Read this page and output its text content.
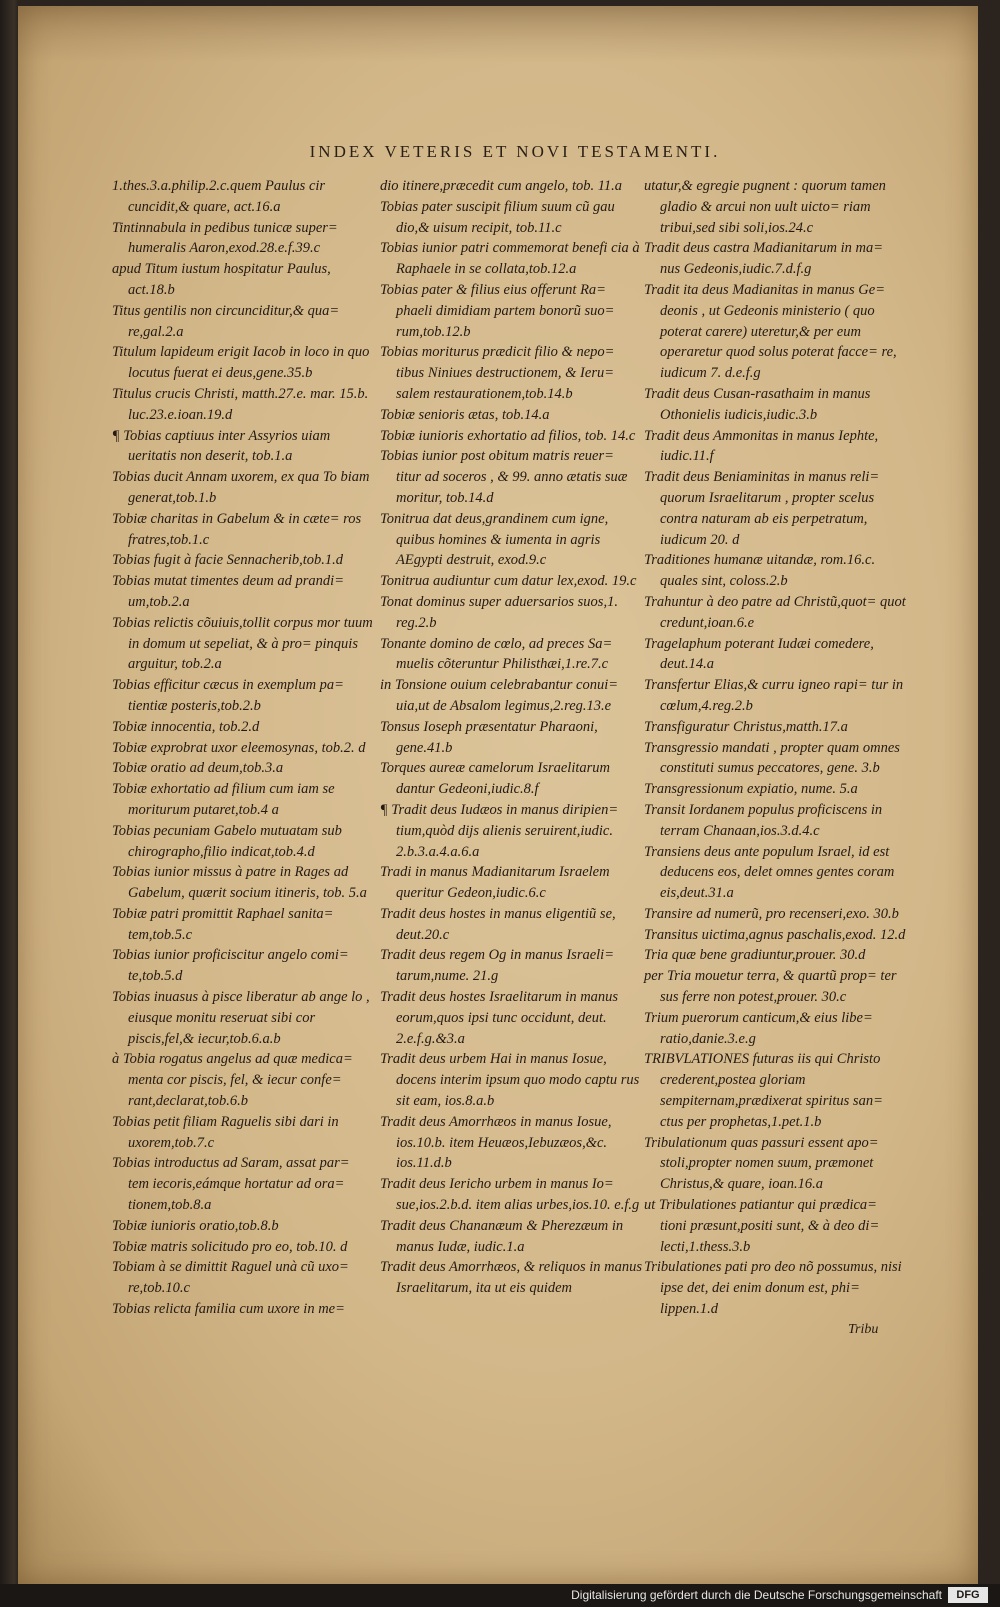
INDEX VETERIS ET NOVI TESTAMENTI.

1.thes.3.a.philip.2.c.quem Paulus cir cuncidit,& quare, act.16.a

Tintinnabula in pedibus tunicæ super= humeralis Aaron,exod.28.e.f.39.c

apud Titum iustum hospitatur Paulus, act.18.b

Titus gentilis non circunciditur,& qua= re,gal.2.a

Titulum lapideum erigit Iacob in loco in quo locutus fuerat ei deus,gene.35.b

Titulus crucis Christi, matth.27.e. mar. 15.b. luc.23.e.ioan.19.d

¶ Tobias captiuus inter Assyrios uiam ueritatis non deserit, tob.1.a

Tobias ducit Annam uxorem, ex qua To biam generat,tob.1.b

Tobiæ charitas in Gabelum & in cæte= ros fratres,tob.1.c

Tobias fugit à facie Sennacherib,tob.1.d

Tobias mutat timentes deum ad prandi= um,tob.2.a

Tobias relictis cõuiuis,tollit corpus mor tuum in domum ut sepeliat, & à pro= pinquis arguitur, tob.2.a

Tobias efficitur cæcus in exemplum pa= tientiæ posteris,tob.2.b

Tobiæ innocentia, tob.2.d

Tobiæ exprobrat uxor eleemosynas, tob.2. d

Tobiæ oratio ad deum,tob.3.a

Tobiæ exhortatio ad filium cum iam se moriturum putaret,tob.4 a

Tobias pecuniam Gabelo mutuatam sub chirographo,filio indicat,tob.4.d

Tobias iunior missus à patre in Rages ad Gabelum, quærit socium itineris, tob. 5.a

Tobiæ patri promittit Raphael sanita= tem,tob.5.c

Tobias iunior proficiscitur angelo comi= te,tob.5.d

Tobias inuasus à pisce liberatur ab ange lo , eiusque monitu reseruat sibi cor piscis,fel,& iecur,tob.6.a.b

à Tobia rogatus angelus ad quæ medica= menta cor piscis, fel, & iecur confe= rant,declarat,tob.6.b

Tobias petit filiam Raguelis sibi dari in uxorem,tob.7.c

Tobias introductus ad Saram, assat par= tem iecoris,eámque hortatur ad ora= tionem,tob.8.a

Tobiæ iunioris oratio,tob.8.b

Tobiæ matris solicitudo pro eo, tob.10. d

Tobiam à se dimittit Raguel unà cũ uxo= re,tob.10.c

Tobias relicta familia cum uxore in me=

dio itinere,præcedit cum angelo, tob. 11.a

Tobias pater suscipit filium suum cũ gau dio,& uisum recipit, tob.11.c

Tobias iunior patri commemorat benefi cia à Raphaele in se collata,tob.12.a

Tobias pater & filius eius offerunt Ra= phaeli dimidiam partem bonorũ suo= rum,tob.12.b

Tobias moriturus prædicit filio & nepo= tibus Niniues destructionem, & Ieru= salem restaurationem,tob.14.b

Tobiæ senioris ætas, tob.14.a

Tobiæ iunioris exhortatio ad filios, tob. 14.c

Tobias iunior post obitum matris reuer= titur ad soceros , & 99. anno ætatis suæ moritur, tob.14.d

Tonitrua dat deus,grandinem cum igne, quibus homines & iumenta in agris AEgypti destruit, exod.9.c

Tonitrua audiuntur cum datur lex,exod. 19.c

Tonat dominus super aduersarios suos,1. reg.2.b

Tonante domino de cœlo, ad preces Sa= muelis cõteruntur Philisthæi,1.re.7.c

in Tonsione ouium celebrabantur conui= uia,ut de Absalom legimus,2.reg.13.e

Tonsus Ioseph præsentatur Pharaoni, gene.41.b

Torques aureæ camelorum Israelitarum dantur Gedeoni,iudic.8.f

¶ Tradit deus Iudæos in manus diripien= tium,quòd dijs alienis seruirent,iudic. 2.b.3.a.4.a.6.a

Tradi in manus Madianitarum Israelem queritur Gedeon,iudic.6.c

Tradit deus hostes in manus eligentiũ se, deut.20.c

Tradit deus regem Og in manus Israeli= tarum,nume. 21.g

Tradit deus hostes Israelitarum in manus eorum,quos ipsi tunc occidunt, deut. 2.e.f.g.&3.a

Tradit deus urbem Hai in manus Iosue, docens interim ipsum quo modo captu rus sit eam, ios.8.a.b

Tradit deus Amorrhæos in manus Iosue, ios.10.b. item Heuæos,Iebuzæos,&c. ios.11.d.b

Tradit deus Iericho urbem in manus Io= sue,ios.2.b.d. item alias urbes,ios.10. e.f.g

Tradit deus Chananæum & Pherezæum in manus Iudæ, iudic.1.a

Tradit deus Amorrhæos, & reliquos in manus Israelitarum, ita ut eis quidem

utatur,& egregie pugnent : quorum tamen gladio & arcui non uult uicto= riam tribui,sed sibi soli,ios.24.c

Tradit deus castra Madianitarum in ma= nus Gedeonis,iudic.7.d.f.g

Tradit ita deus Madianitas in manus Ge= deonis , ut Gedeonis ministerio ( quo poterat carere) uteretur,& per eum operaretur quod solus poterat facce= re, iudicum 7. d.e.f.g

Tradit deus Cusan-rasathaim in manus Othonielis iudicis,iudic.3.b

Tradit deus Ammonitas in manus Iephte, iudic.11.f

Tradit deus Beniaminitas in manus reli= quorum Israelitarum , propter scelus contra naturam ab eis perpetratum, iudicum 20. d

Traditiones humanæ uitandæ, rom.16.c. quales sint, coloss.2.b

Trahuntur à deo patre ad Christũ,quot= quot credunt,ioan.6.e

Tragelaphum poterant Iudæi comedere, deut.14.a

Transfertur Elias,& curru igneo rapi= tur in cœlum,4.reg.2.b

Transfiguratur Christus,matth.17.a

Transgressio mandati , propter quam omnes constituti sumus peccatores, gene. 3.b

Transgressionum expiatio, nume. 5.a

Transit Iordanem populus proficiscens in terram Chanaan,ios.3.d.4.c

Transiens deus ante populum Israel, id est deducens eos, delet omnes gentes coram eis,deut.31.a

Transire ad numerũ, pro recenseri,exo. 30.b

Transitus uictima,agnus paschalis,exod. 12.d

Tria quæ bene gradiuntur,prouer. 30.d

per Tria mouetur terra, & quartũ prop= ter sus ferre non potest,prouer. 30.c

Trium puerorum canticum,& eius libe= ratio,danie.3.e.g

TRIBVLATIONES futuras iis qui Christo crederent,postea gloriam sempiternam,prædixerat spiritus san= ctus per prophetas,1.pet.1.b

Tribulationum quas passuri essent apo= stoli,propter nomen suum, præmonet Christus,& quare, ioan.16.a

ut Tribulationes patiantur qui prædica= tioni præsunt,positi sunt, & à deo di= lecti,1.thess.3.b

Tribulationes pati pro deo nõ possumus, nisi ipse det, dei enim donum est, phi= lippen.1.d

Tribu
Digitalisierung gefördert durch die Deutsche Forschungsgemeinschaft	DFG
